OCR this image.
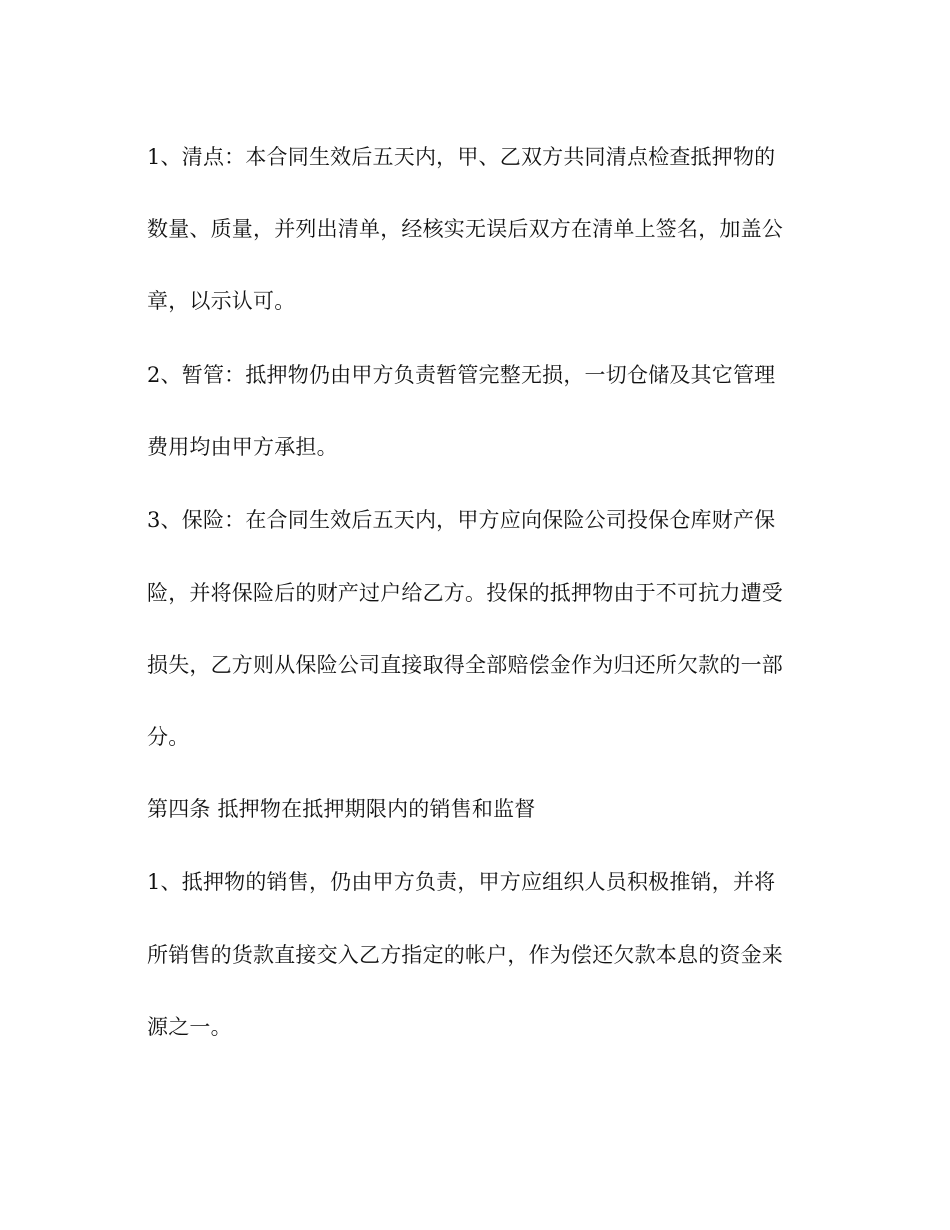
1、清点：本合同生效后五天内，甲、乙双方共同清点检查抵押物的

数量、质量，并列出清单，经核实无误后双方在清单上签名，加盖公

章，以示认可。

2、暂管：抵押物仍由甲方负责暂管完整无损，一切仓储及其它管理

费用均由甲方承担。

3、保险：在合同生效后五天内，甲方应向保险公司投保仓库财产保

险，并将保险后的财产过户给乙方。投保的抵押物由于不可抗力遭受

损失，乙方则从保险公司直接取得全部赔偿金作为归还所欠款的一部

分。

第四条 抵押物在抵押期限内的销售和监督

1、抵押物的销售，仍由甲方负责，甲方应组织人员积极推销，并将

所销售的货款直接交入乙方指定的帐户，作为偿还欠款本息的资金来

源之一。
